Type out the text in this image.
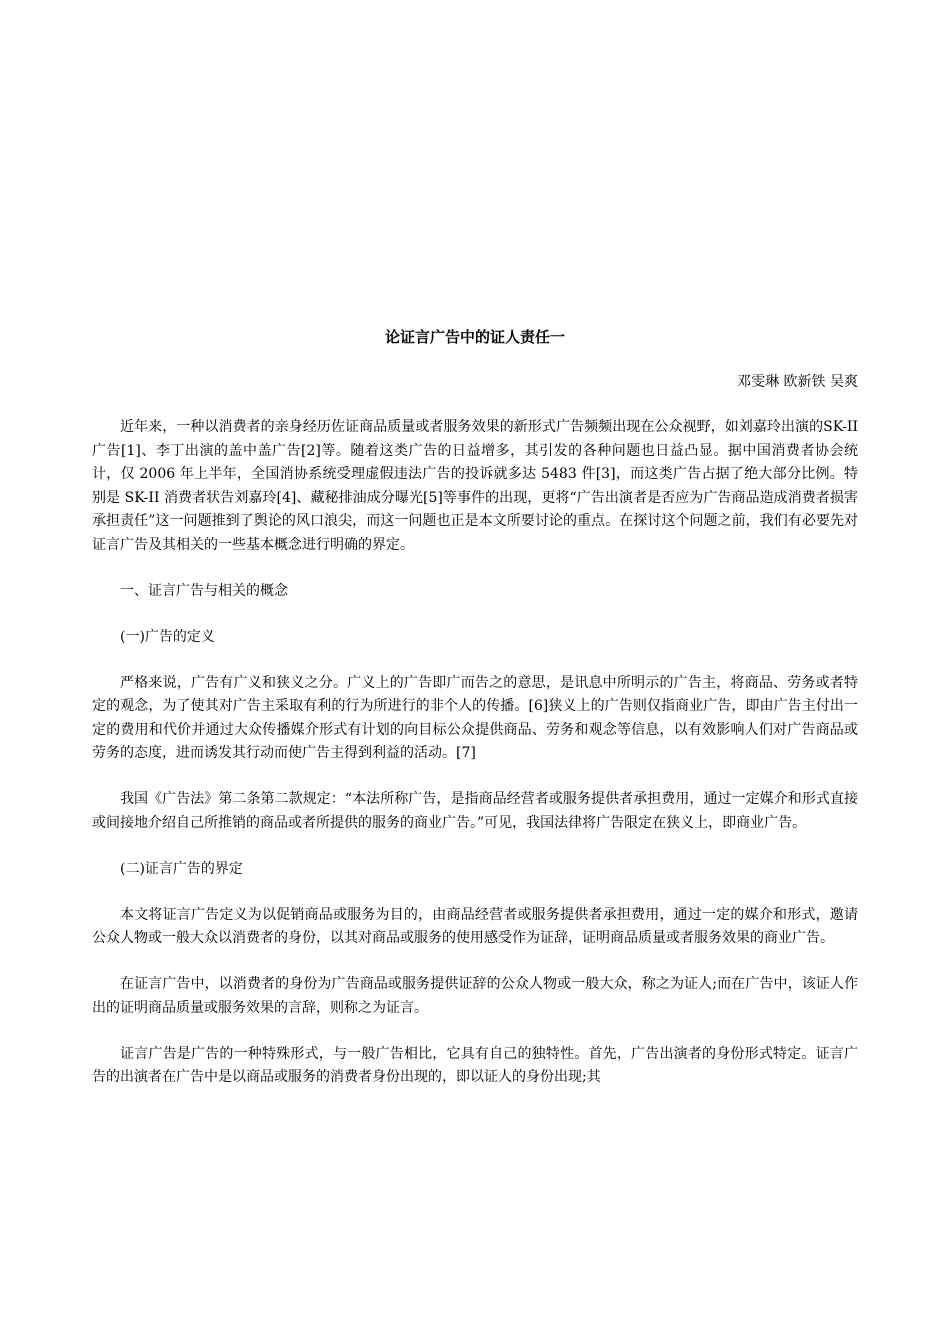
论证言广告中的证人责任一

邓雯琳 欧新铁 吴爽

近年来，一种以消费者的亲身经历佐证商品质量或者服务效果的新形式广告频频出现在公众视野，如刘嘉玲出演的SK-II 广告[1]、李丁出演的盖中盖广告[2]等。随着这类广告的日益增多，其引发的各种问题也日益凸显。据中国消费者协会统计，仅 2006 年上半年，全国消协系统受理虚假违法广告的投诉就多达 5483 件[3]，而这类广告占据了绝大部分比例。特别是 SK-II 消费者状告刘嘉玲[4]、藏秘排油成分曝光[5]等事件的出现，更将“广告出演者是否应为广告商品造成消费者损害承担责任”这一问题推到了舆论的风口浪尖，而这一问题也正是本文所要讨论的重点。在探讨这个问题之前，我们有必要先对证言广告及其相关的一些基本概念进行明确的界定。

一、证言广告与相关的概念

(一)广告的定义

严格来说，广告有广义和狭义之分。广义上的广告即广而告之的意思，是讯息中所明示的广告主，将商品、劳务或者特定的观念，为了使其对广告主采取有利的行为所进行的非个人的传播。[6]狭义上的广告则仅指商业广告，即由广告主付出一定的费用和代价并通过大众传播媒介形式有计划的向目标公众提供商品、劳务和观念等信息，以有效影响人们对广告商品或劳务的态度，进而诱发其行动而使广告主得到利益的活动。[7]

我国《广告法》第二条第二款规定：“本法所称广告，是指商品经营者或服务提供者承担费用，通过一定媒介和形式直接或间接地介绍自己所推销的商品或者所提供的服务的商业广告。”可见，我国法律将广告限定在狭义上，即商业广告。

(二)证言广告的界定

本文将证言广告定义为以促销商品或服务为目的，由商品经营者或服务提供者承担费用，通过一定的媒介和形式，邀请公众人物或一般大众以消费者的身份，以其对商品或服务的使用感受作为证辞，证明商品质量或者服务效果的商业广告。

在证言广告中，以消费者的身份为广告商品或服务提供证辞的公众人物或一般大众，称之为证人;而在广告中，该证人作出的证明商品质量或服务效果的言辞，则称之为证言。

证言广告是广告的一种特殊形式，与一般广告相比，它具有自己的独特性。首先，广告出演者的身份形式特定。证言广告的出演者在广告中是以商品或服务的消费者身份出现的，即以证人的身份出现;其
